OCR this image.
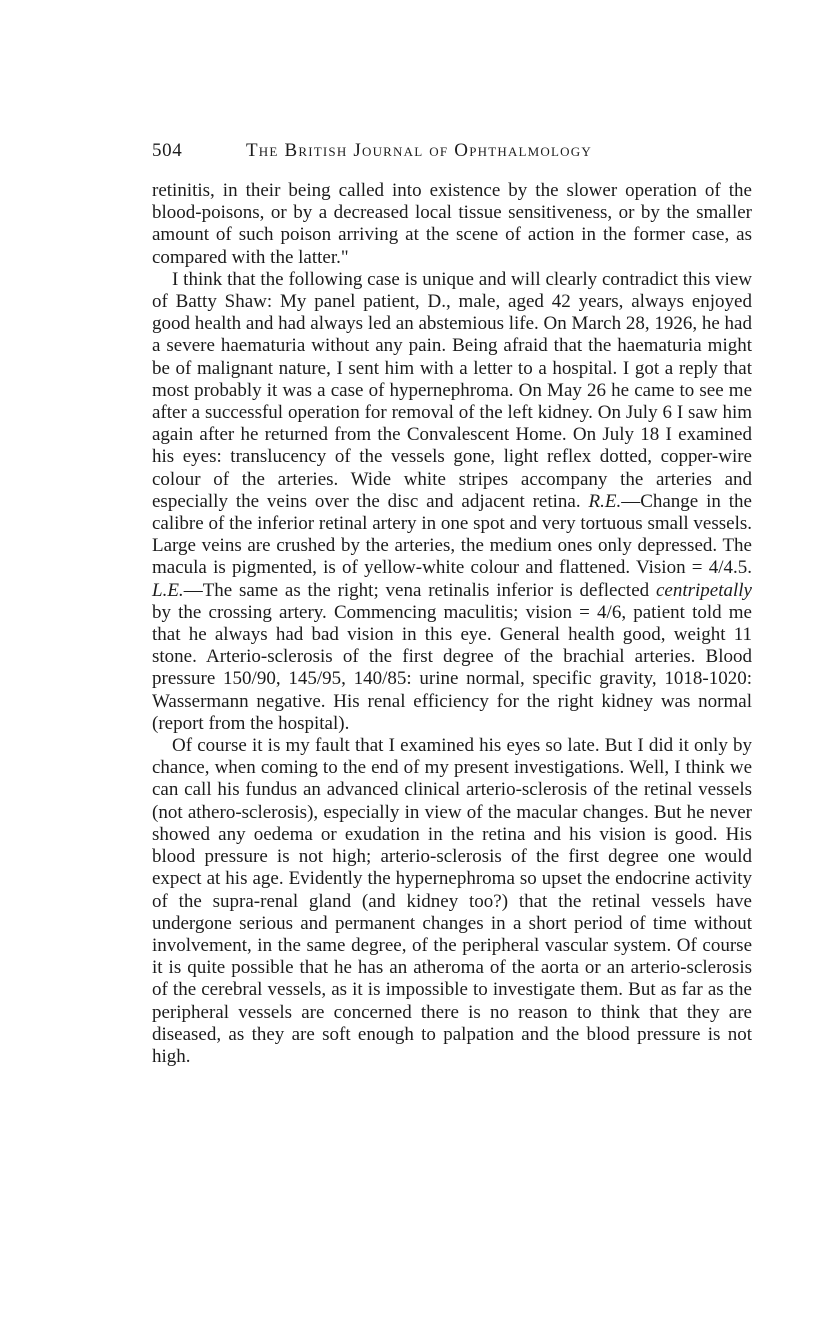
504	The British Journal of Ophthalmology

retinitis, in their being called into existence by the slower operation of the blood-poisons, or by a decreased local tissue sensitiveness, or by the smaller amount of such poison arriving at the scene of action in the former case, as compared with the latter."

I think that the following case is unique and will clearly contradict this view of Batty Shaw: My panel patient, D., male, aged 42 years, always enjoyed good health and had always led an abstemious life. On March 28, 1926, he had a severe haematuria without any pain. Being afraid that the haematuria might be of malignant nature, I sent him with a letter to a hospital. I got a reply that most probably it was a case of hypernephroma. On May 26 he came to see me after a successful operation for removal of the left kidney. On July 6 I saw him again after he returned from the Convalescent Home. On July 18 I examined his eyes: translucency of the vessels gone, light reflex dotted, copper-wire colour of the arteries. Wide white stripes accompany the arteries and especially the veins over the disc and adjacent retina. R.E.—Change in the calibre of the inferior retinal artery in one spot and very tortuous small vessels. Large veins are crushed by the arteries, the medium ones only depressed. The macula is pigmented, is of yellow-white colour and flattened. Vision = 4/4.5. L.E.—The same as the right; vena retinalis inferior is deflected centripetally by the crossing artery. Commencing maculitis; vision = 4/6, patient told me that he always had bad vision in this eye. General health good, weight 11 stone. Arterio-sclerosis of the first degree of the brachial arteries. Blood pressure 150/90, 145/95, 140/85: urine normal, specific gravity, 1018-1020: Wassermann negative. His renal efficiency for the right kidney was normal (report from the hospital).

Of course it is my fault that I examined his eyes so late. But I did it only by chance, when coming to the end of my present investigations. Well, I think we can call his fundus an advanced clinical arterio-sclerosis of the retinal vessels (not athero-sclerosis), especially in view of the macular changes. But he never showed any oedema or exudation in the retina and his vision is good. His blood pressure is not high; arterio-sclerosis of the first degree one would expect at his age. Evidently the hypernephroma so upset the endocrine activity of the supra-renal gland (and kidney too?) that the retinal vessels have undergone serious and permanent changes in a short period of time without involvement, in the same degree, of the peripheral vascular system. Of course it is quite possible that he has an atheroma of the aorta or an arterio-sclerosis of the cerebral vessels, as it is impossible to investigate them. But as far as the peripheral vessels are concerned there is no reason to think that they are diseased, as they are soft enough to palpation and the blood pressure is not high.
